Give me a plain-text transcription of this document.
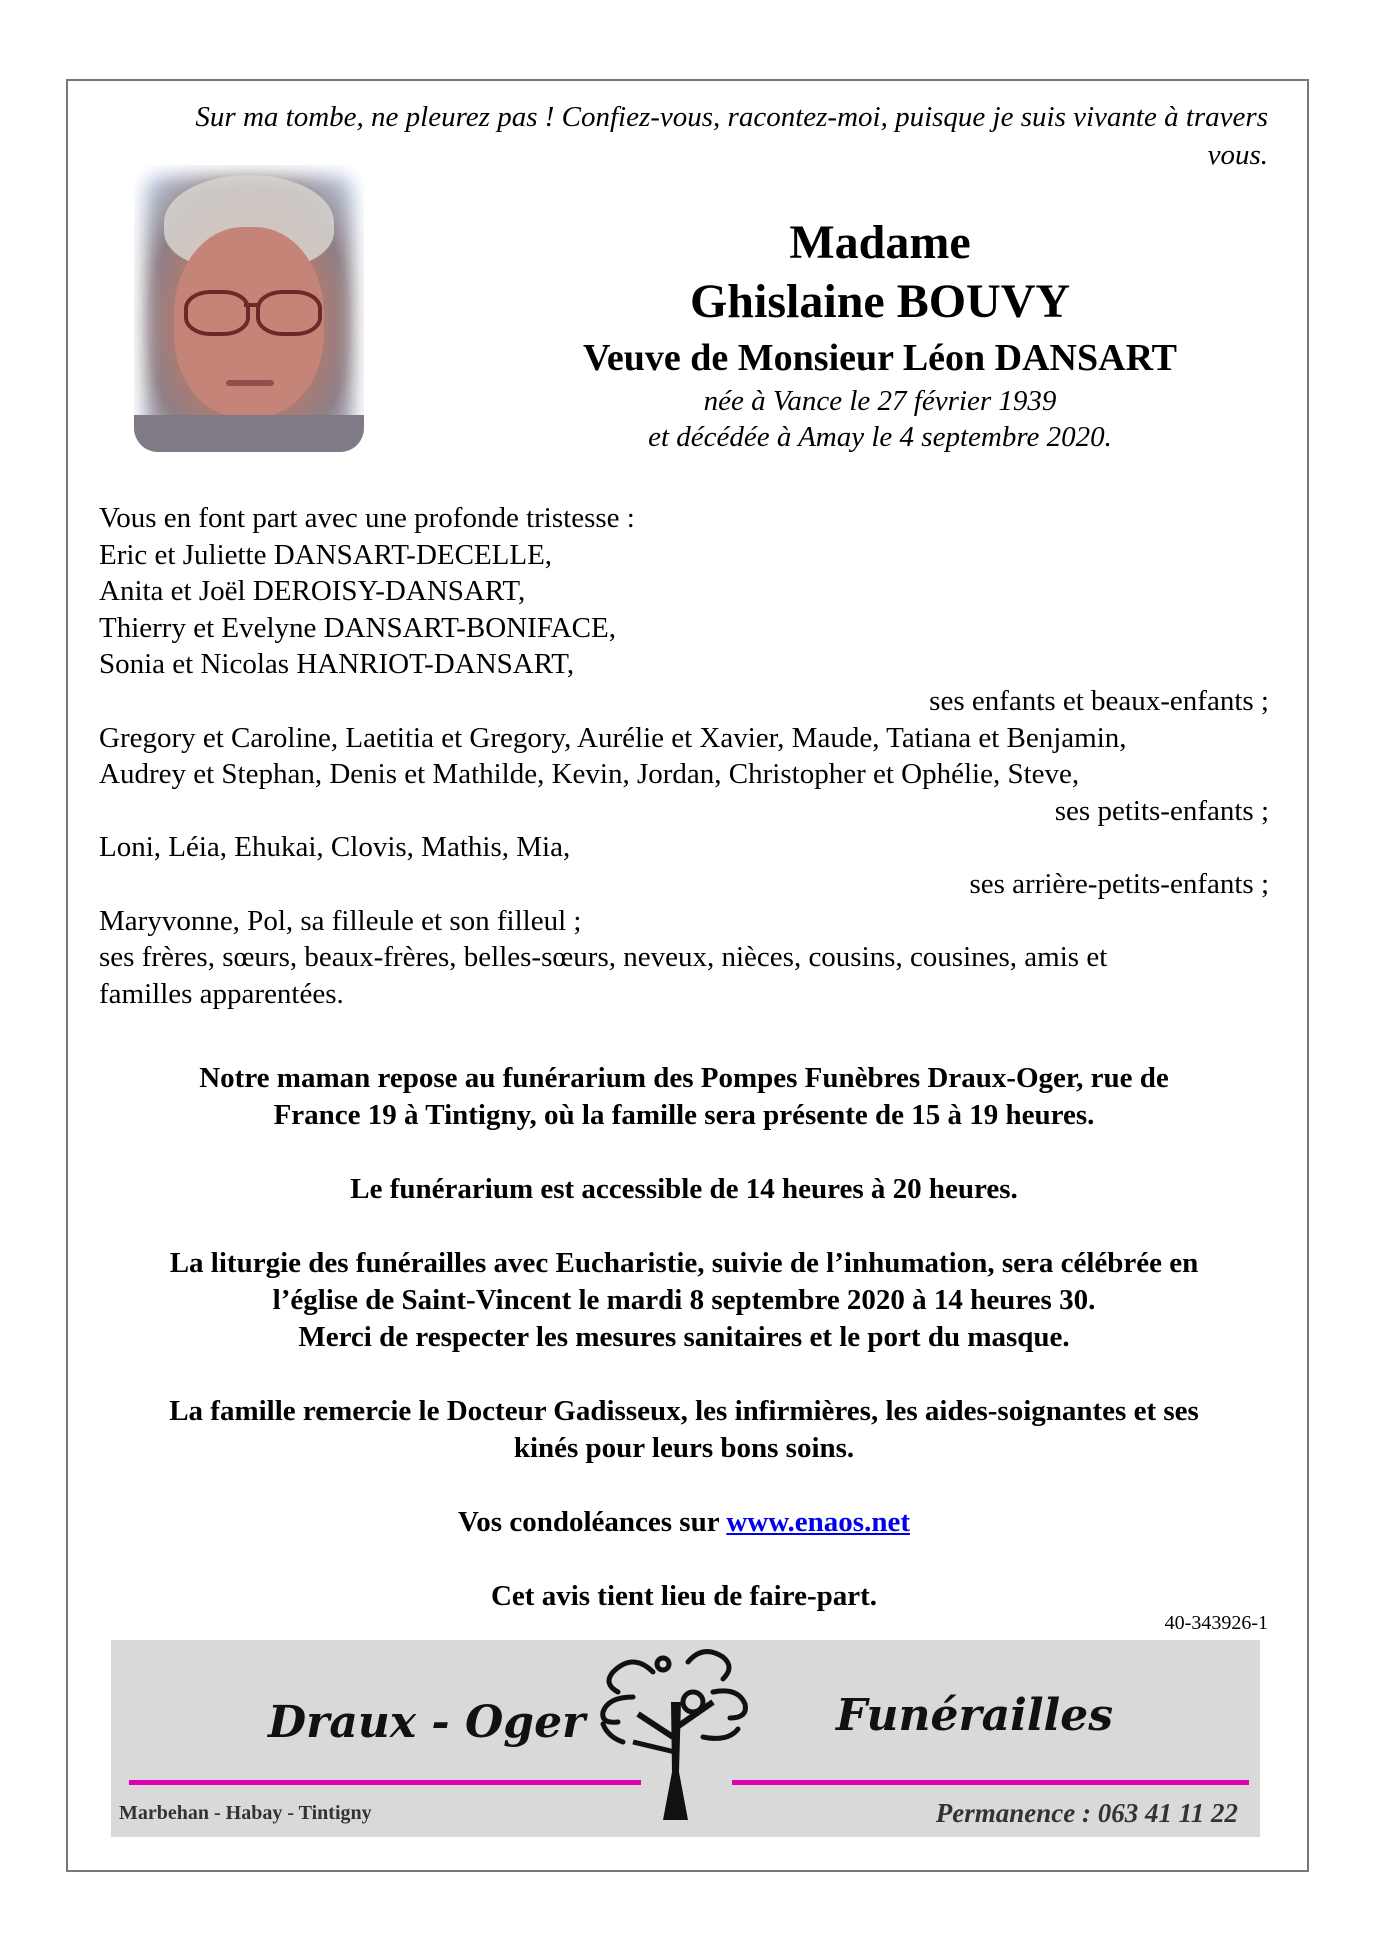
Sur ma tombe, ne pleurez pas ! Confiez-vous, racontez-moi, puisque je suis vivante à travers vous.
Madame
Ghislaine BOUVY
Veuve de Monsieur Léon DANSART
née à Vance le 27 février 1939
et décédée à Amay le 4 septembre 2020.
Vous en font part avec une profonde tristesse :
Eric et Juliette DANSART-DECELLE,
Anita et Joël DEROISY-DANSART,
Thierry et Evelyne DANSART-BONIFACE,
Sonia et Nicolas HANRIOT-DANSART,
ses enfants et beaux-enfants ;
Gregory et Caroline, Laetitia et Gregory, Aurélie et Xavier, Maude, Tatiana et Benjamin,
Audrey et Stephan, Denis et Mathilde, Kevin, Jordan, Christopher et Ophélie, Steve,
ses petits-enfants ;
Loni, Léia, Ehukai, Clovis, Mathis, Mia,
ses arrière-petits-enfants ;
Maryvonne, Pol, sa filleule et son filleul ;
ses frères, sœurs, beaux-frères, belles-sœurs, neveux, nièces, cousins, cousines, amis et
familles apparentées.
Notre maman repose au funérarium des Pompes Funèbres Draux-Oger, rue de
France 19 à Tintigny, où la famille sera présente de 15 à 19 heures.
Le funérarium est accessible de 14 heures à 20 heures.
La liturgie des funérailles avec Eucharistie, suivie de l’inhumation, sera célébrée en
l’église de Saint-Vincent le mardi 8 septembre 2020 à 14 heures 30.
Merci de respecter les mesures sanitaires et le port du masque.
La famille remercie le Docteur Gadisseux, les infirmières, les aides-soignantes et ses
kinés pour leurs bons soins.
Vos condoléances sur www.enaos.net
Cet avis tient lieu de faire-part.
40-343926-1
Draux - Oger	Funérailles
Marbehan - Habay - Tintigny	Permanence : 063 41 11 22
